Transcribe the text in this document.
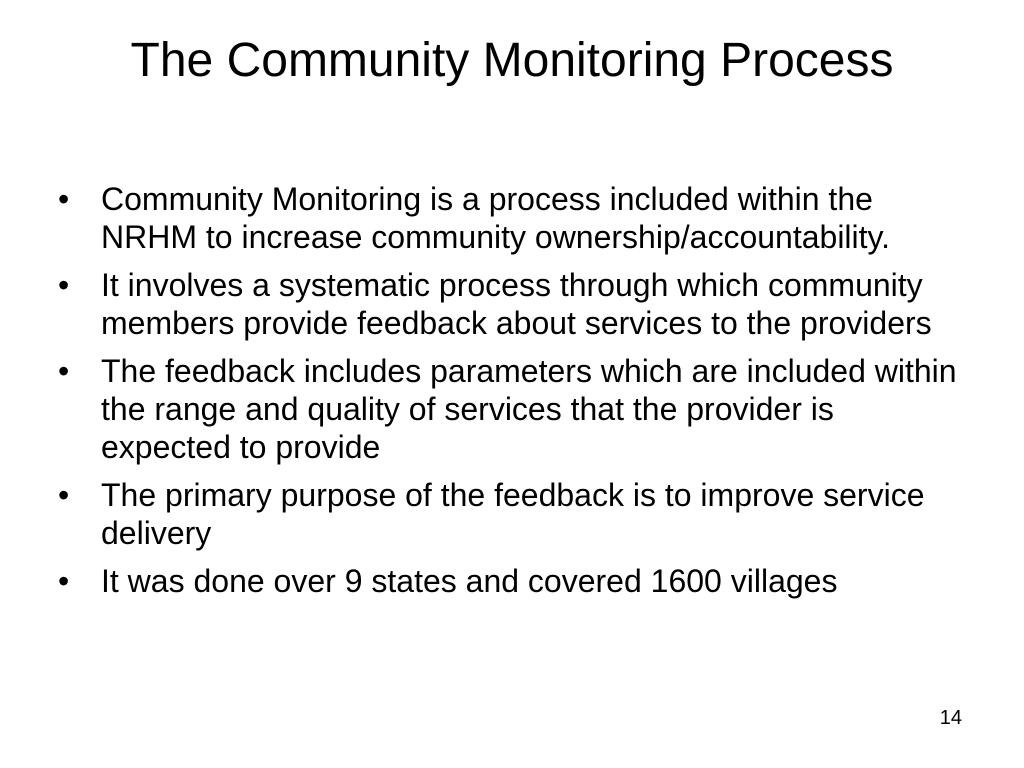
The Community Monitoring Process
• Community Monitoring is a process included within the NRHM to increase community ownership/accountability.
• It involves a systematic process through which community members provide feedback about services to the providers
• The feedback includes parameters which are included within the range and quality of services that the provider is expected to provide
• The primary purpose of the feedback is to improve service delivery
• It was done over 9 states and covered 1600 villages
14
